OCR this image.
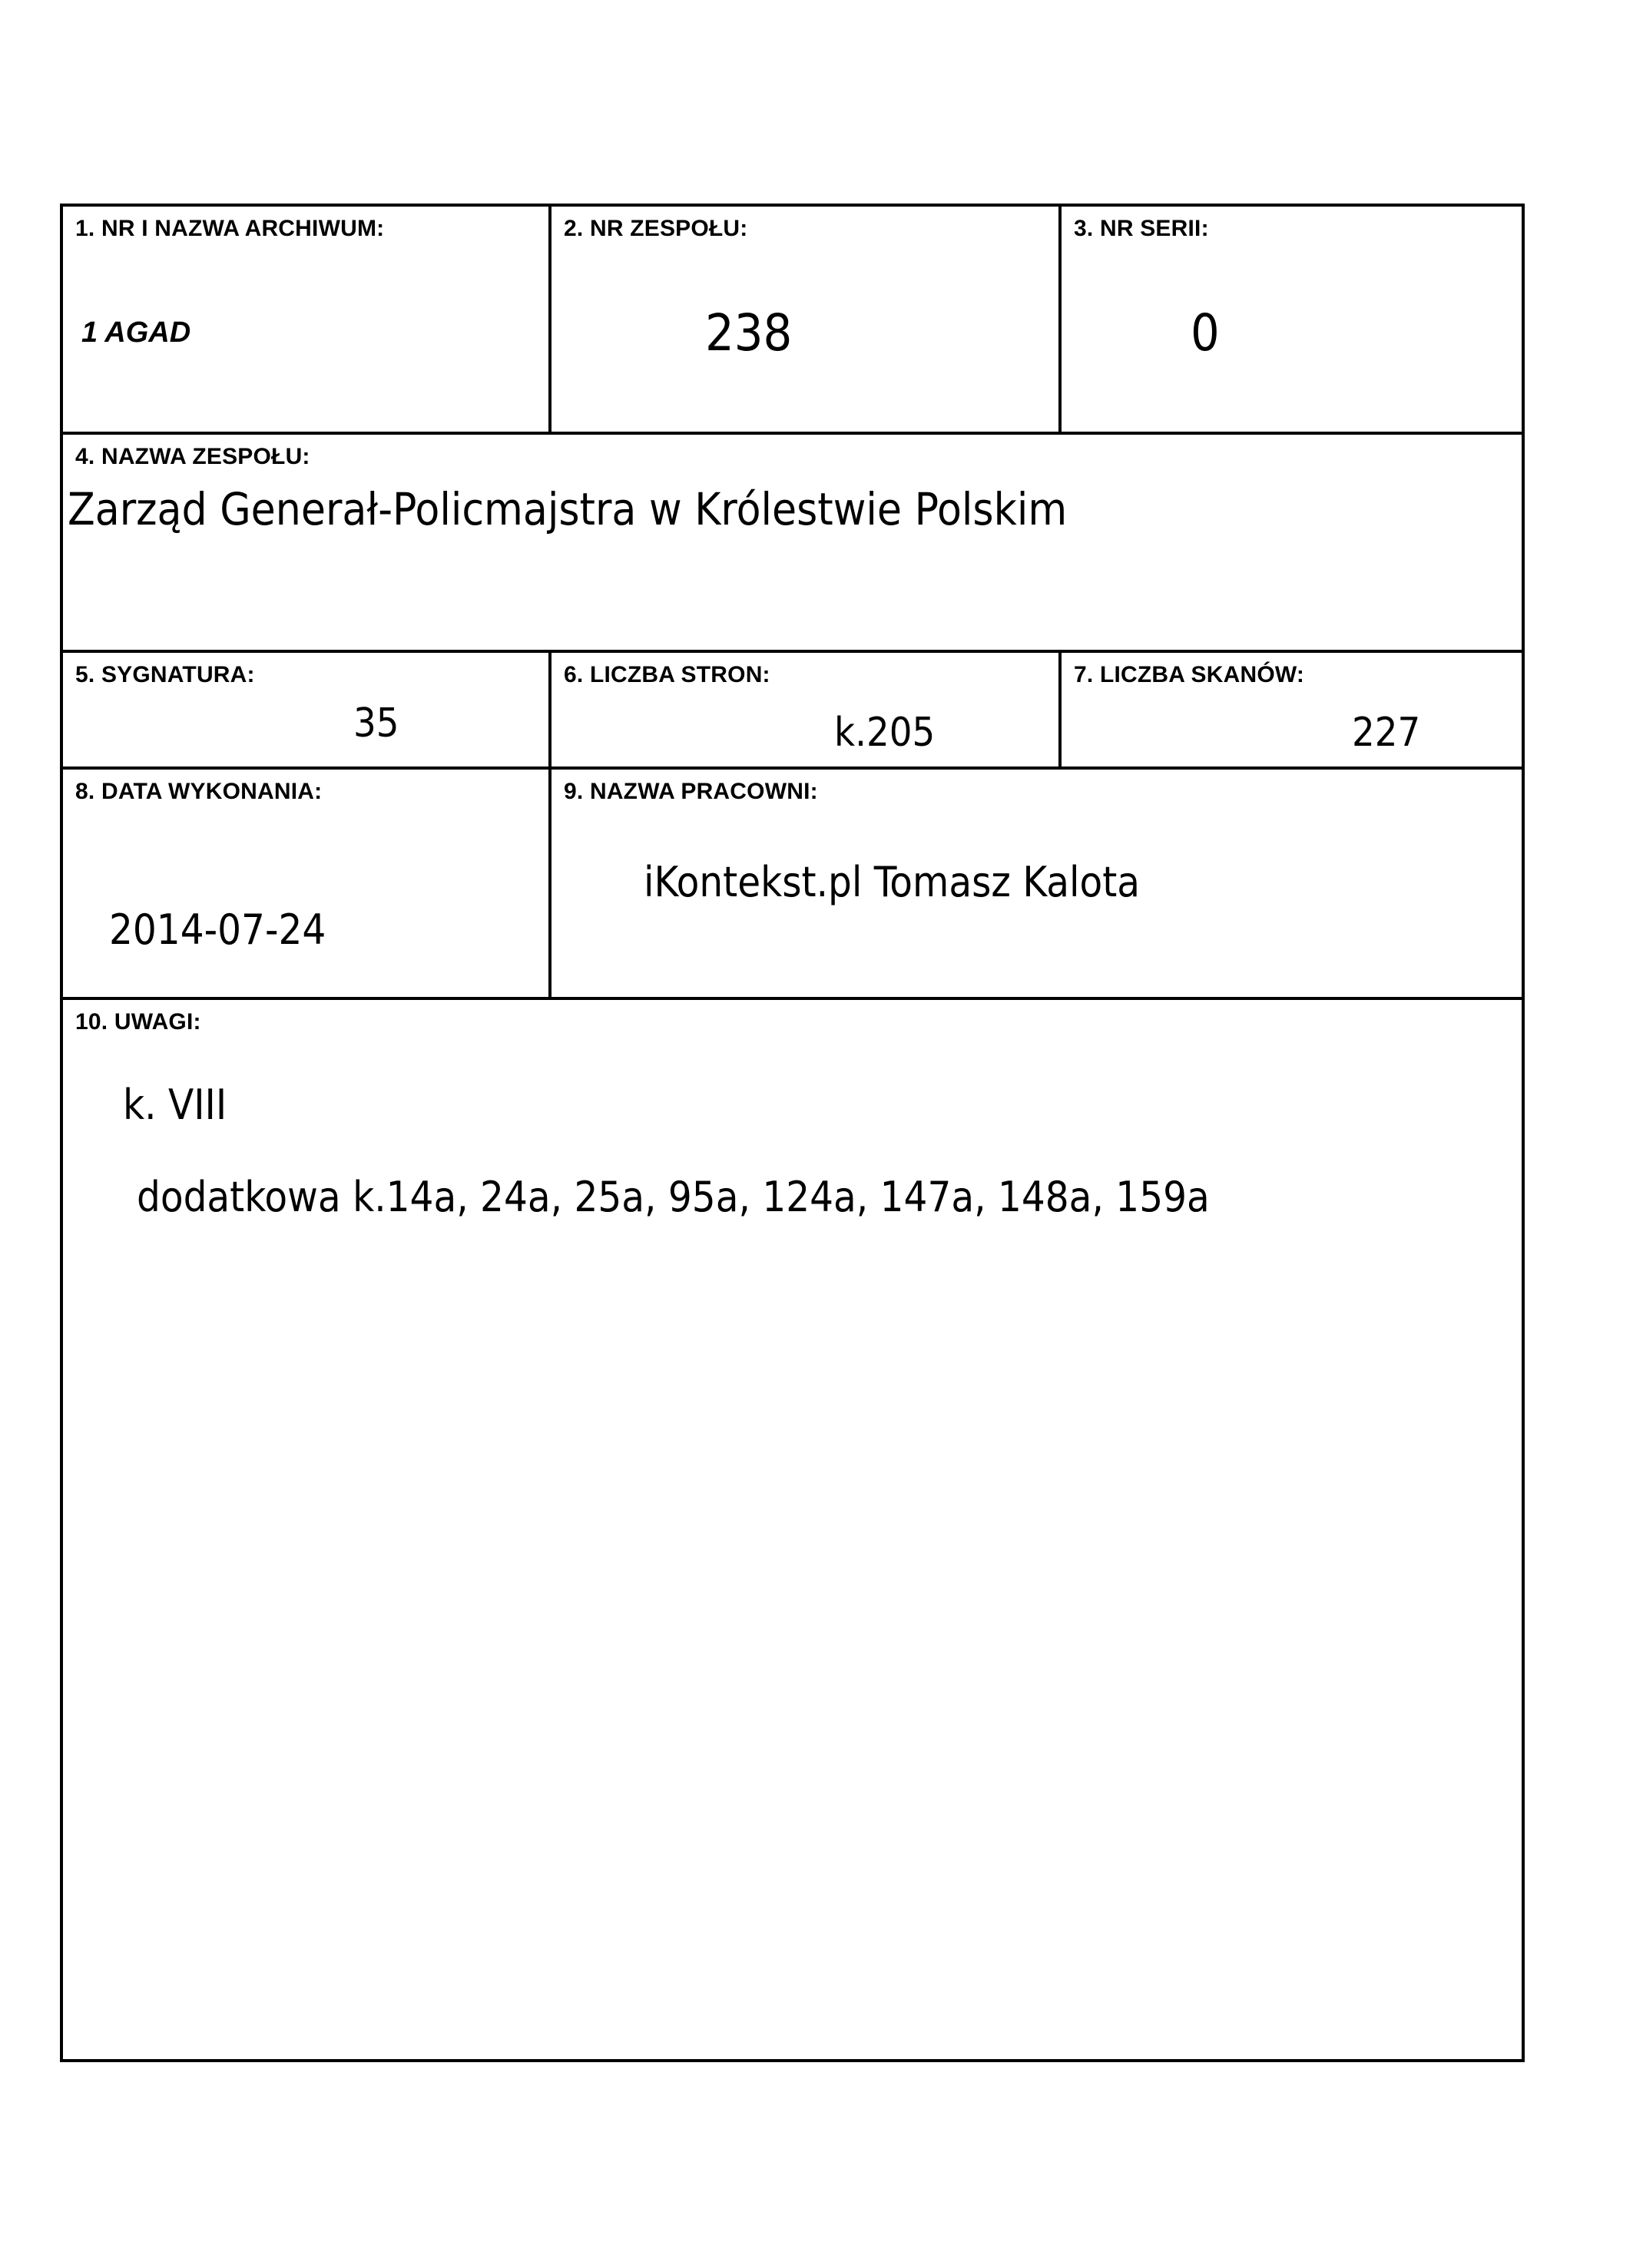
1. NR I NAZWA ARCHIWUM:
1 AGAD
2. NR ZESPOŁU:
238
3. NR SERII:
0
4. NAZWA ZESPOŁU:
Zarząd Generał-Policmajstra w Królestwie Polskim
5. SYGNATURA:
35
6. LICZBA STRON:
k.205
7. LICZBA SKANÓW:
227
8. DATA WYKONANIA:
2014-07-24
9. NAZWA PRACOWNI:
iKontekst.pl Tomasz Kalota
10. UWAGI:
k. VIII
dodatkowa k.14a, 24a, 25a, 95a, 124a, 147a, 148a, 159a
